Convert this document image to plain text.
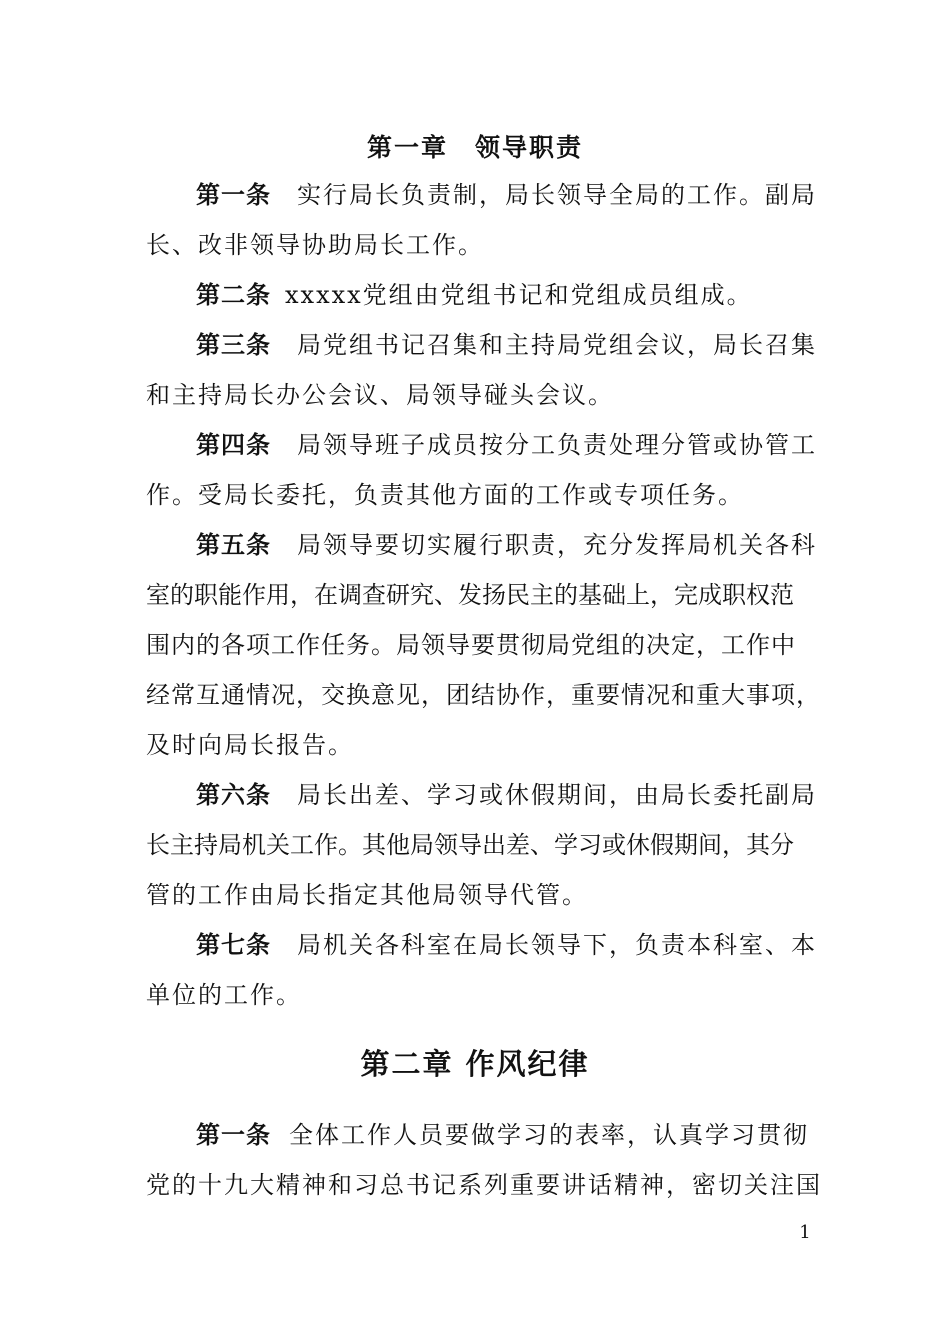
第一章　领导职责
第一条 实行局长负责制，局长领导全局的工作。副局
长、改非领导协助局长工作。
第二条 xxxxx党组由党组书记和党组成员组成。
第三条 局党组书记召集和主持局党组会议，局长召集
和主持局长办公会议、局领导碰头会议。
第四条 局领导班子成员按分工负责处理分管或协管工
作。受局长委托，负责其他方面的工作或专项任务。
第五条 局领导要切实履行职责，充分发挥局机关各科
室的职能作用，在调查研究、发扬民主的基础上，完成职权范
围内的各项工作任务。局领导要贯彻局党组的决定，工作中
经常互通情况，交换意见，团结协作，重要情况和重大事项，
及时向局长报告。
第六条 局长出差、学习或休假期间，由局长委托副局
长主持局机关工作。其他局领导出差、学习或休假期间，其分
管的工作由局长指定其他局领导代管。
第七条 局机关各科室在局长领导下，负责本科室、本
单位的工作。
第二章 作风纪律
第一条 全体工作人员要做学习的表率，认真学习贯彻
党的十九大精神和习总书记系列重要讲话精神，密切关注国
1
